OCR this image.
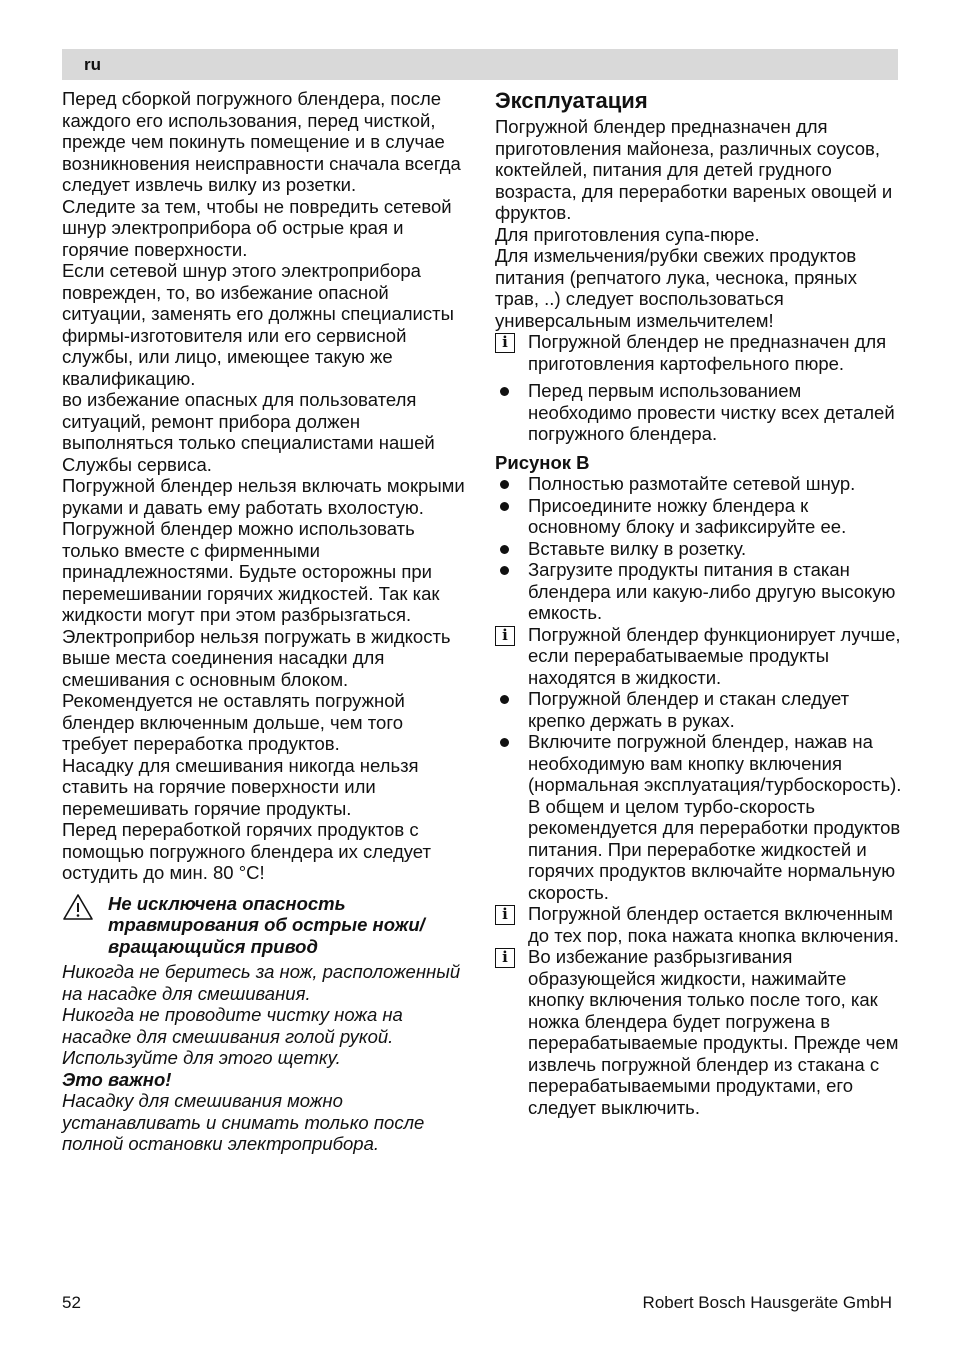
ru
Перед сборкой погружного блендера, после каждого его использования, перед чисткой, прежде чем покинуть помещение и в случае возникновения неисправности сначала всегда следует извлечь вилку из розетки.
Следите за тем, чтобы не повредить сетевой шнур электроприбора об острые края и горячие поверхности.
Если сетевой шнур этого электроприбора поврежден, то, во избежание опасной ситуации, заменять его должны специалисты фирмы-изготовителя или его сервисной службы, или лицо, имеющее такую же квалификацию.
во избежание опасных для пользователя ситуаций, ремонт прибора должен выполняться только специалистами нашей Службы сервиса.
Погружной блендер нельзя включать мокрыми руками и давать ему работать вхолостую.
Погружной блендер можно использовать только вместе с фирменными принадлежностями. Будьте осторожны при перемешивании горячих жидкостей. Так как жидкости могут при этом разбрызгаться.
Электроприбор нельзя погружать в жидкость выше места соединения насадки для смешивания с основным блоком.
Рекомендуется не оставлять погружной блендер включенным дольше, чем того требует переработка продуктов.
Насадку для смешивания никогда нельзя ставить на горячие поверхности или перемешивать горячие продукты.
Перед переработкой горячих продуктов с помощью погружного блендера их следует остудить до мин. 80 °C!
Не исключена опасность травмирования об острые ножи/ вращающийся привод
Никогда не беритесь за нож, расположенный на насадке для смешивания.
Никогда не проводите чистку ножа на насадке для смешивания голой рукой. Используйте для этого щетку.
Это важно!
Насадку для смешивания можно устанавливать и снимать только после полной остановки электроприбора.
Эксплуатация
Погружной блендер предназначен для приготовления майонеза, различных соусов, коктейлей, питания для детей грудного возраста, для переработки вареных овощей и фруктов.
Для приготовления супа-пюре.
Для измельчения/рубки свежих продуктов питания (репчатого лука, чеснока, пряных трав, ..) следует воспользоваться универсальным измельчителем!
i	Погружной блендер не предназначен для приготовления картофельного пюре.
Перед первым использованием необходимо провести чистку всех деталей погружного блендера.
Рисунок B
Полностью размотайте сетевой шнур.
Присоедините ножку блендера к основному блоку и зафиксируйте ее.
Вставьте вилку в розетку.
Загрузите продукты питания в стакан блендера или какую-либо другую высокую емкость.
i	Погружной блендер функционирует лучше, если перерабатываемые продукты находятся в жидкости.
Погружной блендер и стакан следует крепко держать в руках.
Включите погружной блендер, нажав на необходимую вам кнопку включения (нормальная эксплуатация/турбоскорость).
В общем и целом турбо-скорость рекомендуется для переработки продуктов питания. При переработке жидкостей и горячих продуктов включайте нормальную скорость.
i	Погружной блендер остается включенным до тех пор, пока нажата кнопка включения.
i	Во избежание разбрызгивания образующейся жидкости, нажимайте кнопку включения только после того, как ножка блендера будет погружена в перерабатываемые продукты. Прежде чем извлечь погружной блендер из стакана с перерабатываемыми продуктами, его следует выключить.
52	Robert Bosch Hausgeräte GmbH
